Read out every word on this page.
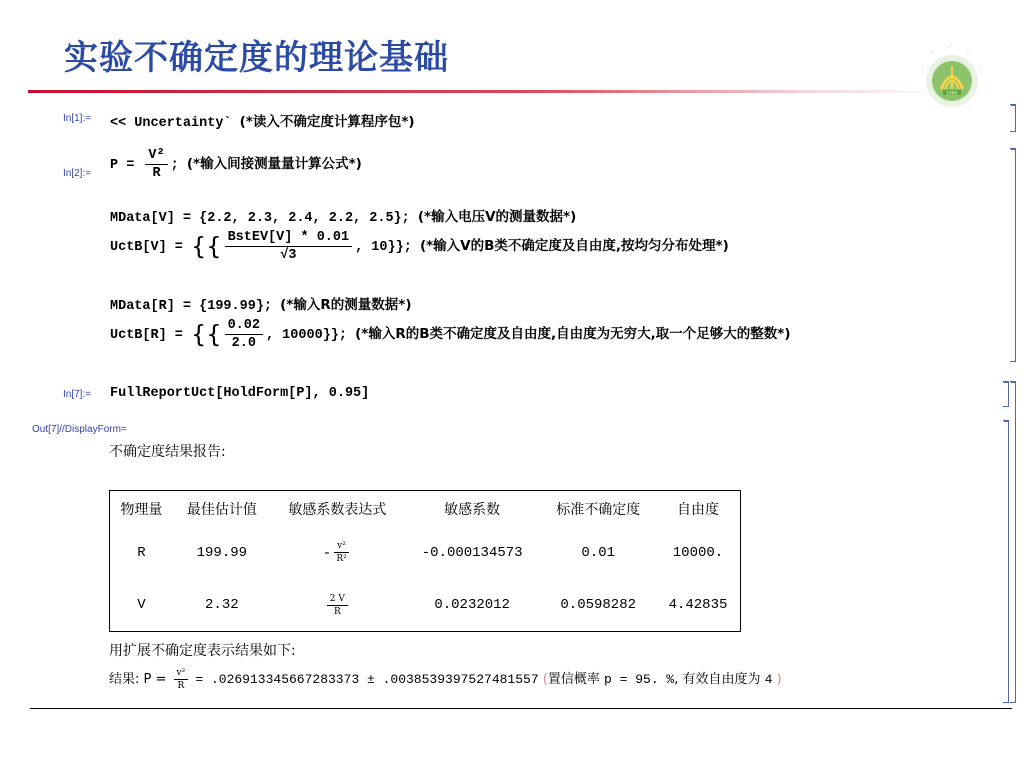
实验不确定度的理论基础
1960
·
·
·	·
·
In[1]:= << Uncertainty` (*读入不确定度计算程序包*)
In[2]:=
$P = \frac{\text{V²}}{R}$ ; (*输入间接测量量计算公式*)
MData[V] = {2.2, 2.3, 2.4, 2.2, 2.5}; (*输入电压V的测量数据*)
UctB[V] = {{ $\frac{\text{BstEV[V] * 0.01}}{√3}$ , 10}}; (*输入V的B类不确定度及自由度,按均匀分布处理*)
MData[R] = {199.99}; (*输入R的测量数据*)
UctB[R] = {{ $\frac{0.02}{2.0}$ , 10000}}; (*输入R的B类不确定度及自由度,自由度为无穷大,取一个足够大的整数*)
In[7]:= FullReportUct[HoldForm[P], 0.95]
Out[7]//DisplayForm=
不确定度结果报告:
物理量	最佳估计值	敏感系数表达式	敏感系数	标准不确定度	自由度
R	199.99	- $\frac{\text{v²}}{\text{R²}}$	-0.000134573	0.01	10000.
V	2.32	$\frac{2 V}{R}$	0.0232012	0.0598282	4.42835
用扩展不确定度表示结果如下:
结果: $P = \frac{\text{v²}}{R} = .026913345667283373 \pm .0038539397527481557$ (置信概率 p = 95. %, 有效自由度为 4 )
